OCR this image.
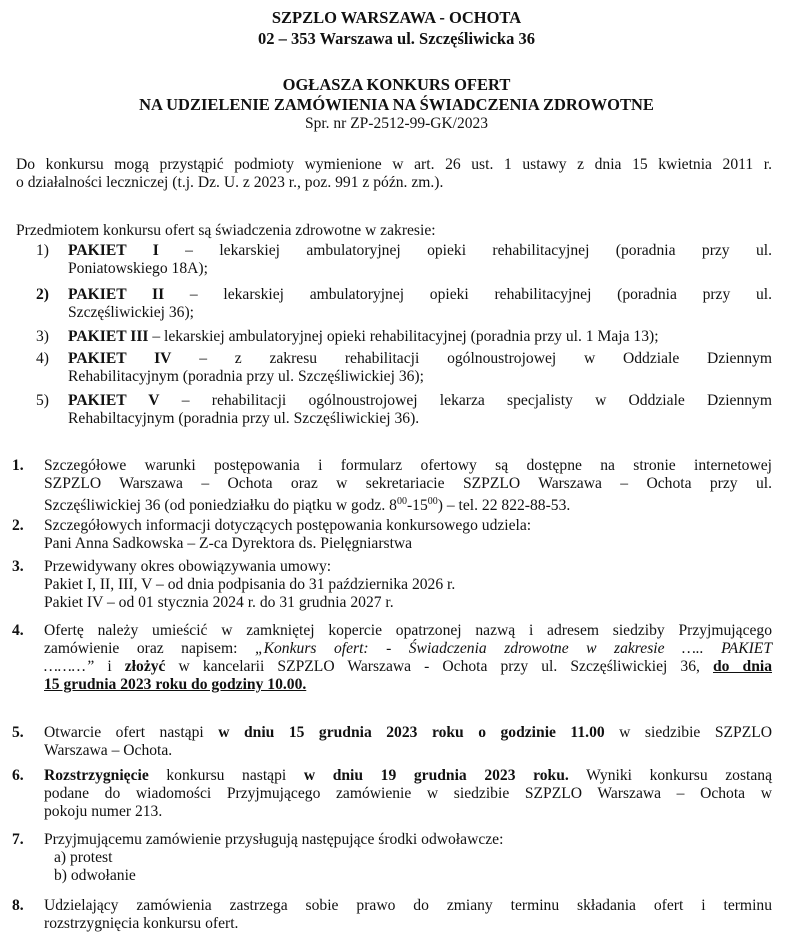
SZPZLO WARSZAWA - OCHOTA
02 – 353 Warszawa ul. Szczęśliwicka 36
OGŁASZA KONKURS OFERT
NA UDZIELENIE ZAMÓWIENIA NA ŚWIADCZENIA ZDROWOTNE
Spr. nr ZP-2512-99-GK/2023
Do konkursu mogą przystąpić podmioty wymienione w art. 26 ust. 1 ustawy z dnia 15 kwietnia 2011 r.
o działalności leczniczej (t.j. Dz. U. z 2023 r., poz. 991 z późn. zm.).
Przedmiotem konkursu ofert są świadczenia zdrowotne w zakresie:
1) PAKIET I – lekarskiej ambulatoryjnej opieki rehabilitacyjnej (poradnia przy ul.
Poniatowskiego 18A);
2) PAKIET II – lekarskiej ambulatoryjnej opieki rehabilitacyjnej (poradnia przy ul.
Szczęśliwickiej 36);
3) PAKIET III – lekarskiej ambulatoryjnej opieki rehabilitacyjnej (poradnia przy ul. 1 Maja 13);
4) PAKIET IV – z zakresu rehabilitacji ogólnoustrojowej w Oddziale Dziennym
Rehabilitacyjnym (poradnia przy ul. Szczęśliwickiej 36);
5) PAKIET V – rehabilitacji ogólnoustrojowej lekarza specjalisty w Oddziale Dziennym
Rehabiltacyjnym (poradnia przy ul. Szczęśliwickiej 36).
1. Szczegółowe warunki postępowania i formularz ofertowy są dostępne na stronie internetowej
SZPZLO Warszawa – Ochota oraz w sekretariacie SZPZLO Warszawa – Ochota przy ul.
Szczęśliwickiej 36 (od poniedziałku do piątku w godz. $8^{00}-15^{00}$) – tel. 22 822-88-53.
2. Szczegółowych informacji dotyczących postępowania konkursowego udziela:
Pani Anna Sadkowska – Z-ca Dyrektora ds. Pielęgniarstwa
3. Przewidywany okres obowiązywania umowy:
Pakiet I, II, III, V – od dnia podpisania do 31 października 2026 r.
Pakiet IV – od 01 stycznia 2024 r. do 31 grudnia 2027 r.
4. Ofertę należy umieścić w zamkniętej kopercie opatrzonej nazwą i adresem siedziby Przyjmującego
zamówienie oraz napisem: „Konkurs ofert: - Świadczenia zdrowotne w zakresie ….. PAKIET
………” i złożyć w kancelarii SZPZLO Warszawa - Ochota przy ul. Szczęśliwickiej 36, do dnia
15 grudnia 2023 roku do godziny 10.00.
5. Otwarcie ofert nastąpi w dniu 15 grudnia 2023 roku o godzinie 11.00 w siedzibie SZPZLO
Warszawa – Ochota.
6. Rozstrzygnięcie konkursu nastąpi w dniu 19 grudnia 2023 roku. Wyniki konkursu zostaną
podane do wiadomości Przyjmującego zamówienie w siedzibie SZPZLO Warszawa – Ochota w
pokoju numer 213.
7. Przyjmującemu zamówienie przysługują następujące środki odwoławcze:
a) protest
b) odwołanie
8. Udzielający zamówienia zastrzega sobie prawo do zmiany terminu składania ofert i terminu
rozstrzygnięcia konkursu ofert.
